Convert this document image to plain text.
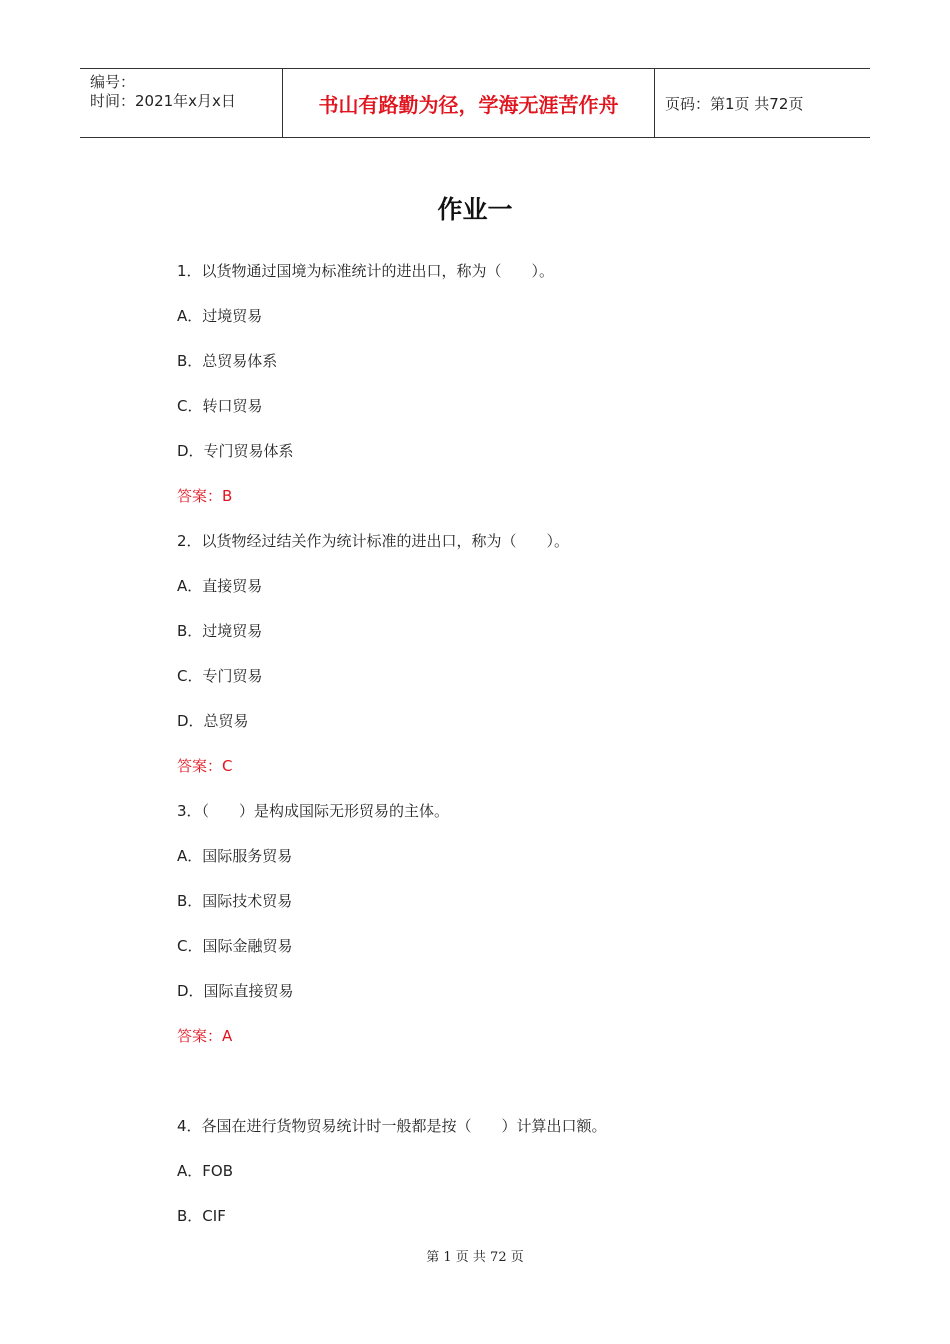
编号：
时间：2021年x月x日	书山有路勤为径，学海无涯苦作舟	页码：第1页 共72页
作业一
1．以货物通过国境为标准统计的进出口，称为（　　）。
A．过境贸易
B．总贸易体系
C．转口贸易
D．专门贸易体系
答案：B
2．以货物经过结关作为统计标准的进出口，称为（　　）。
A．直接贸易
B．过境贸易
C．专门贸易
D．总贸易
答案：C
3．（　　）是构成国际无形贸易的主体。
A．国际服务贸易
B．国际技术贸易
C．国际金融贸易
D．国际直接贸易
答案：A
4．各国在进行货物贸易统计时一般都是按（　　）计算出口额。
A．FOB
B．CIF
第 1 页 共 72 页
